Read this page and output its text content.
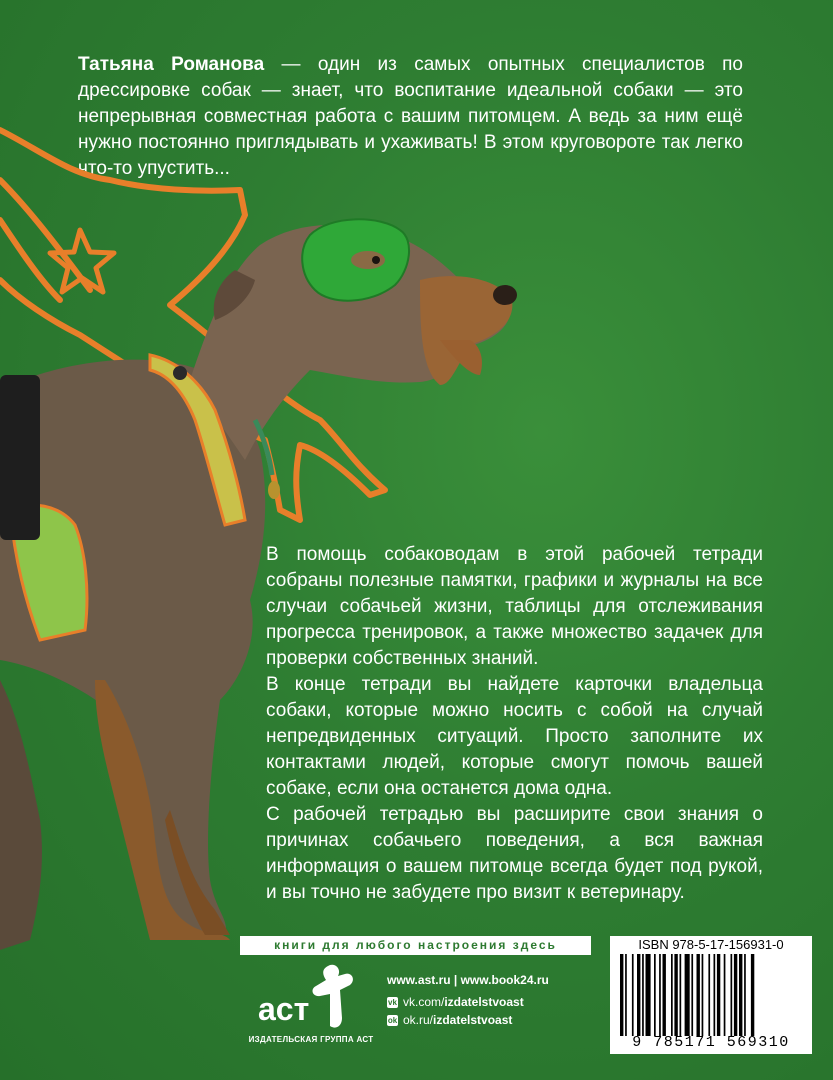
Татьяна Романова — один из самых опытных специалистов по дрессировке собак — знает, что воспитание идеальной собаки — это непрерывная совместная работа с вашим питомцем. А ведь за ним ещё нужно постоянно приглядывать и ухаживать! В этом круговороте так легко что-то упустить...

В помощь собаководам в этой рабочей тетради собраны полезные памятки, графики и журналы на все случаи собачьей жизни, таблицы для отслеживания прогресса тренировок, а также множество задачек для проверки собственных знаний.

В конце тетради вы найдете карточки владельца собаки, которые можно носить с собой на случай непредвиденных ситуаций. Просто заполните их контактами людей, которые смогут помочь вашей собаке, если она останется дома одна.

С рабочей тетрадью вы расширите свои знания о причинах собачьего поведения, а вся важная информация о вашем питомце всегда будет под рукой, и вы точно не забудете про визит к ветеринару.

книги для любого настроения здесь
аст
ИЗДАТЕЛЬСКАЯ ГРУППА АСТ
www.ast.ru | www.book24.ru
vk vk.com/izdatelstvoast
ok ok.ru/izdatelstvoast
ISBN 978-5-17-156931-0
9 785171 569310
